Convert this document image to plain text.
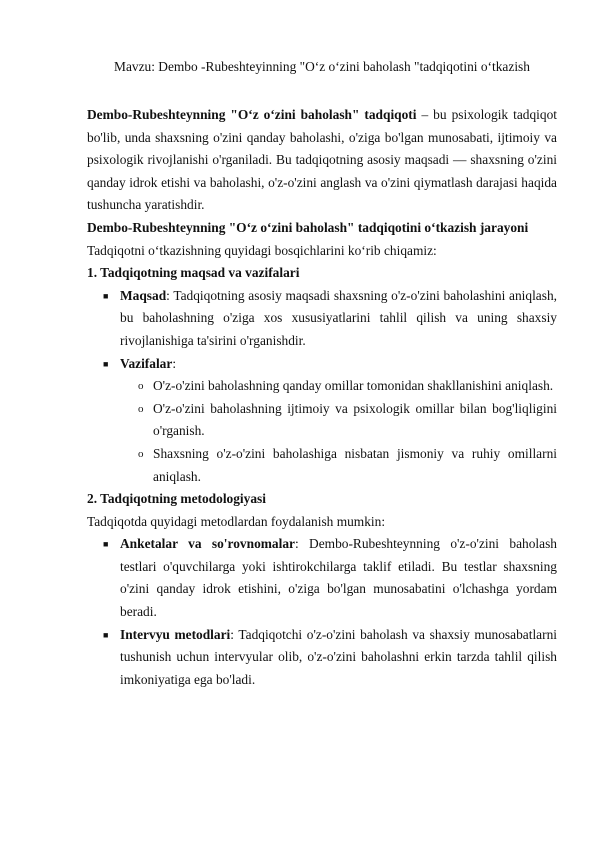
Mavzu: Dembo -Rubeshteyinning "O‘z o‘zini baholash "tadqiqotini o‘tkazish

Dembo-Rubeshteynning "O‘z o‘zini baholash" tadqiqoti – bu psixologik tadqiqot bo'lib, unda shaxsning o'zini qanday baholashi, o'ziga bo'lgan munosabati, ijtimoiy va psixologik rivojlanishi o'rganiladi. Bu tadqiqotning asosiy maqsadi — shaxsning o'zini qanday idrok etishi va baholashi, o'z-o'zini anglash va o'zini qiymatlash darajasi haqida tushuncha yaratishdir.

Dembo-Rubeshteynning "O‘z o‘zini baholash" tadqiqotini o‘tkazish jarayoni

Tadqiqotni o‘tkazishning quyidagi bosqichlarini ko‘rib chiqamiz:

1. Tadqiqotning maqsad va vazifalari

■ Maqsad: Tadqiqotning asosiy maqsadi shaxsning o'z-o'zini baholashini aniqlash, bu baholashning o'ziga xos xususiyatlarini tahlil qilish va uning shaxsiy rivojlanishiga ta'sirini o'rganishdir.
■ Vazifalar:
o O'z-o'zini baholashning qanday omillar tomonidan shakllanishini aniqlash.
o O'z-o'zini baholashning ijtimoiy va psixologik omillar bilan bog'liqligini o'rganish.
o Shaxsning o'z-o'zini baholashiga nisbatan jismoniy va ruhiy omillarni aniqlash.

2. Tadqiqotning metodologiyasi

Tadqiqotda quyidagi metodlardan foydalanish mumkin:

■ Anketalar va so'rovnomalar: Dembo-Rubeshteynning o'z-o'zini baholash testlari o'quvchilarga yoki ishtirokchilarga taklif etiladi. Bu testlar shaxsning o'zini qanday idrok etishini, o'ziga bo'lgan munosabatini o'lchashga yordam beradi.
■ Intervyu metodlari: Tadqiqotchi o'z-o'zini baholash va shaxsiy munosabatlarni tushunish uchun intervyular olib, o'z-o'zini baholashni erkin tarzda tahlil qilish imkoniyatiga ega bo'ladi.
